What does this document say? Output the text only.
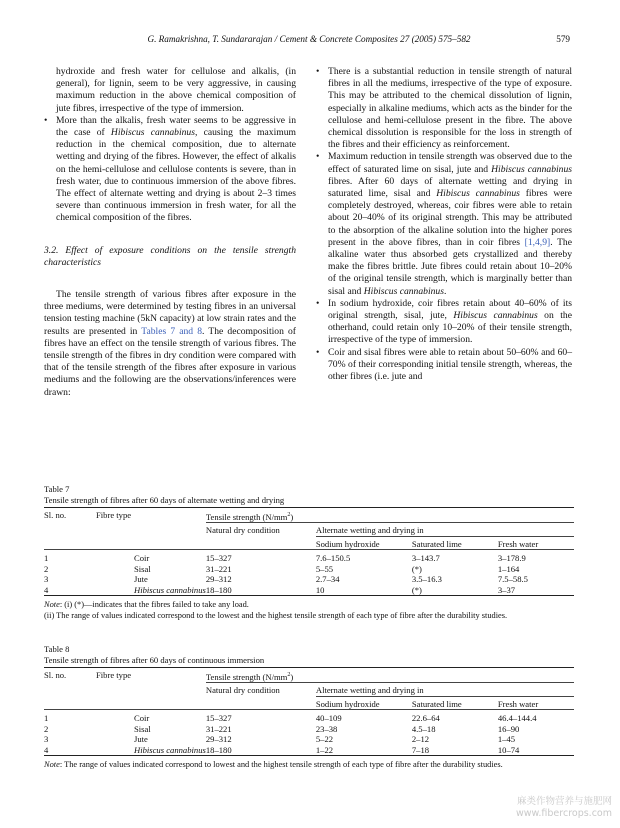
G. Ramakrishna, T. Sundararajan / Cement & Concrete Composites 27 (2005) 575–582	579

hydroxide and fresh water for cellulose and alkalis, (in general), for lignin, seem to be very aggressive, in causing maximum reduction in the above chemical composition of jute fibres, irrespective of the type of immersion.

• More than the alkalis, fresh water seems to be aggressive in the case of Hibiscus cannabinus, causing the maximum reduction in the chemical composition, due to alternate wetting and drying of the fibres. However, the effect of alkalis on the hemi-cellulose and cellulose contents is severe, than in fresh water, due to continuous immersion of the above fibres. The effect of alternate wetting and drying is about 2–3 times severe than continuous immersion in fresh water, for all the chemical composition of the fibres.

3.2. Effect of exposure conditions on the tensile strength characteristics

The tensile strength of various fibres after exposure in the three mediums, were determined by testing fibres in an universal tension testing machine (5kN capacity) at low strain rates and the results are presented in Tables 7 and 8. The decomposition of fibres have an effect on the tensile strength of various fibres. The tensile strength of the fibres in dry condition were compared with that of the tensile strength of the fibres after exposure in various mediums and the following are the observations/inferences were drawn:

• There is a substantial reduction in tensile strength of natural fibres in all the mediums, irrespective of the type of exposure. This may be attributed to the chemical dissolution of lignin, especially in alkaline mediums, which acts as the binder for the cellulose and hemi-cellulose present in the fibre. The above chemical dissolution is responsible for the loss in strength of the fibres and their efficiency as reinforcement.

• Maximum reduction in tensile strength was observed due to the effect of saturated lime on sisal, jute and Hibiscus cannabinus fibres. After 60 days of alternate wetting and drying in saturated lime, sisal and Hibiscus cannabinus fibres were completely destroyed, whereas, coir fibres were able to retain about 20–40% of its original strength. This may be attributed to the absorption of the alkaline solution into the higher pores present in the above fibres, than in coir fibres [1,4,9]. The alkaline water thus absorbed gets crystallized and thereby make the fibres brittle. Jute fibres could retain about 10–20% of the original tensile strength, which is marginally better than sisal and Hibiscus cannabinus.

• In sodium hydroxide, coir fibres retain about 40–60% of its original strength, sisal, jute, Hibiscus cannabinus on the otherhand, could retain only 10–20% of their tensile strength, irrespective of the type of immersion.

• Coir and sisal fibres were able to retain about 50–60% and 60–70% of their corresponding initial tensile strength, whereas, the other fibres (i.e. jute and

Table 7

Tensile strength of fibres after 60 days of alternate wetting and drying

Sl. no.	Fibre type	Tensile strength $(N/mm^2)$			
		Natural dry condition	Alternate wetting and drying in		
			Sodium hydroxide	Saturated lime	Fresh water
1	Coir	15–327	7.6–150.5	3–143.7	3–178.9
2	Sisal	31–221	5–55	(*)	1–164
3	Jute	29–312	2.7–34	3.5–16.3	7.5–58.5
4	Hibiscus cannabinus	18–180	10	(*)	3–37

Note: (i) (*)—indicates that the fibres failed to take any load.
(ii) The range of values indicated correspond to the lowest and the highest tensile strength of each type of fibre after the durability studies.

Table 8

Tensile strength of fibres after 60 days of continuous immersion

Sl. no.	Fibre type	Tensile strength $(N/mm^2)$			
		Natural dry condition	Alternate wetting and drying in		
			Sodium hydroxide	Saturated lime	Fresh water
1	Coir	15–327	40–109	22.6–64	46.4–144.4
2	Sisal	31–221	23–38	4.5–18	16–90
3	Jute	29–312	5–22	2–12	1–45
4	Hibiscus cannabinus	18–180	1–22	7–18	10–74

Note: The range of values indicated correspond to lowest and the highest tensile strength of each type of fibre after the durability studies.

麻类作物营养与施肥网
www.fibercrops.com
